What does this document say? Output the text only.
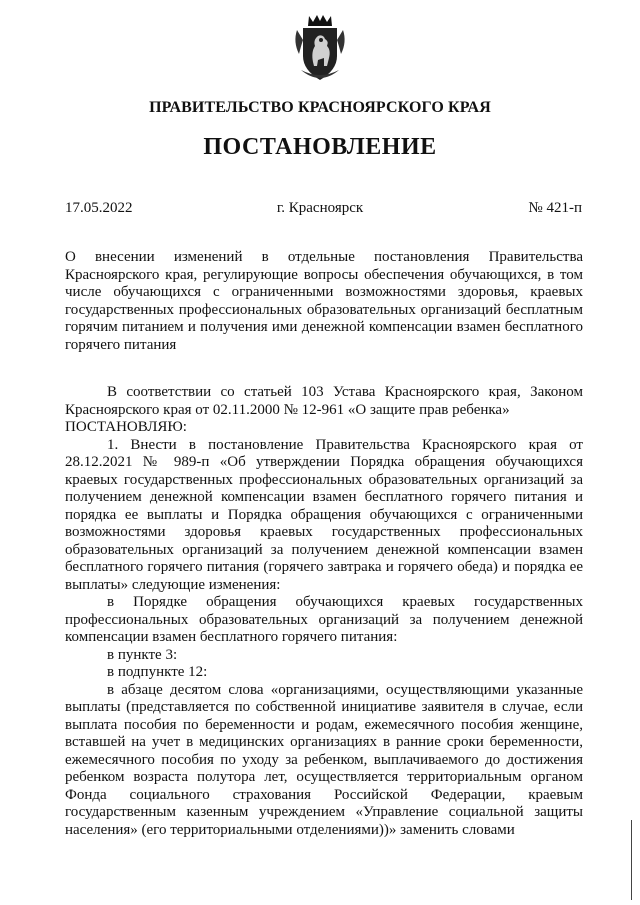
ПРАВИТЕЛЬСТВО КРАСНОЯРСКОГО КРАЯ
ПОСТАНОВЛЕНИЕ
17.05.2022	г. Красноярск	№ 421-п
О внесении изменений в отдельные постановления Правительства Красноярского края, регулирующие вопросы обеспечения обучающихся, в том числе обучающихся с ограниченными возможностями здоровья, краевых государственных профессиональных образовательных организаций бесплатным горячим питанием и получения ими денежной компенсации взамен бесплатного горячего питания

В соответствии со статьей 103 Устава Красноярского края, Законом Красноярского края от 02.11.2000 № 12-961 «О защите прав ребенка»

ПОСТАНОВЛЯЮ:

1. Внести в постановление Правительства Красноярского края от 28.12.2021 № 989-п «Об утверждении Порядка обращения обучающихся краевых государственных профессиональных образовательных организаций за получением денежной компенсации взамен бесплатного горячего питания и порядка ее выплаты и Порядка обращения обучающихся с ограниченными возможностями здоровья краевых государственных профессиональных образовательных организаций за получением денежной компенсации взамен бесплатного горячего питания (горячего завтрака и горячего обеда) и порядка ее выплаты» следующие изменения:

в Порядке обращения обучающихся краевых государственных профессиональных образовательных организаций за получением денежной компенсации взамен бесплатного горячего питания:

в пункте 3:

в подпункте 12:

в абзаце десятом слова «организациями, осуществляющими указанные выплаты (представляется по собственной инициативе заявителя в случае, если выплата пособия по беременности и родам, ежемесячного пособия женщине, вставшей на учет в медицинских организациях в ранние сроки беременности, ежемесячного пособия по уходу за ребенком, выплачиваемого до достижения ребенком возраста полутора лет, осуществляется территориальным органом Фонда социального страхования Российской Федерации, краевым государственным казенным учреждением «Управление социальной защиты населения» (его территориальными отделениями))» заменить словами
